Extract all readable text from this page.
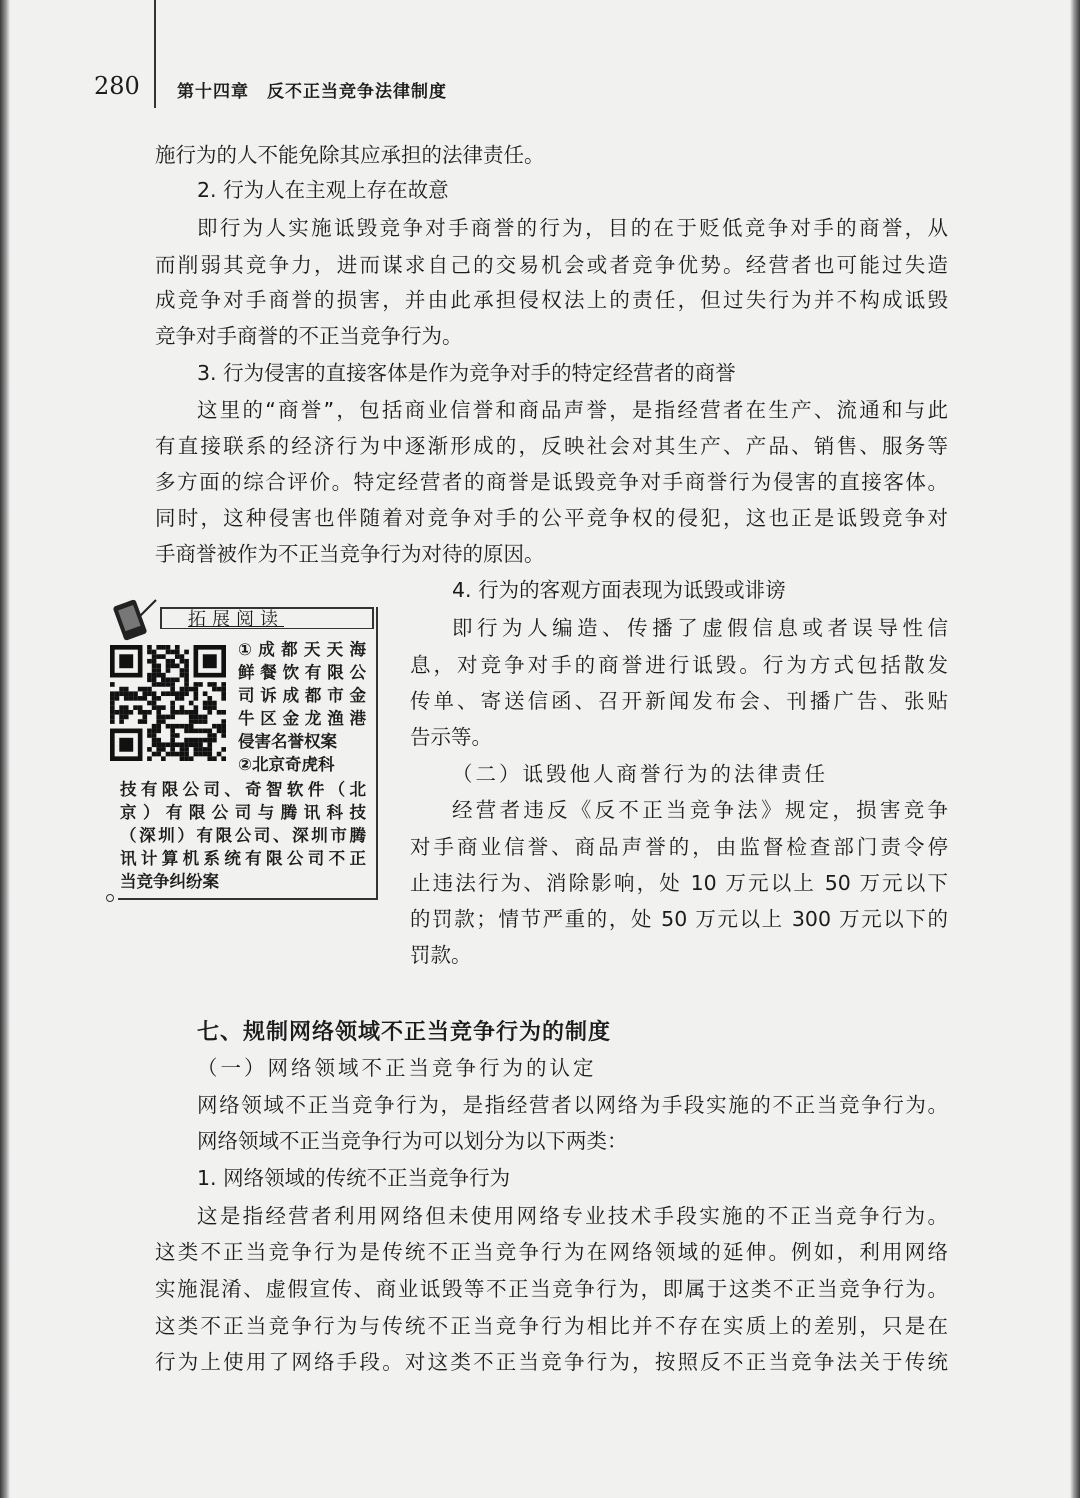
280 第十四章　反不正当竞争法律制度
施行为的人不能免除其应承担的法律责任。
2. 行为人在主观上存在故意
即行为人实施诋毁竞争对手商誉的行为，目的在于贬低竞争对手的商誉，从
而削弱其竞争力，进而谋求自己的交易机会或者竞争优势。经营者也可能过失造
成竞争对手商誉的损害，并由此承担侵权法上的责任，但过失行为并不构成诋毁
竞争对手商誉的不正当竞争行为。
3. 行为侵害的直接客体是作为竞争对手的特定经营者的商誉
这里的“商誉”，包括商业信誉和商品声誉，是指经营者在生产、流通和与此
有直接联系的经济行为中逐渐形成的，反映社会对其生产、产品、销售、服务等
多方面的综合评价。特定经营者的商誉是诋毁竞争对手商誉行为侵害的直接客体。
同时，这种侵害也伴随着对竞争对手的公平竞争权的侵犯，这也正是诋毁竞争对
手商誉被作为不正当竞争行为对待的原因。
4. 行为的客观方面表现为诋毁或诽谤
即行为人编造、传播了虚假信息或者误导性信
息，对竞争对手的商誉进行诋毁。行为方式包括散发
传单、寄送信函、召开新闻发布会、刊播广告、张贴
告示等。
（二）诋毁他人商誉行为的法律责任
经营者违反《反不正当竞争法》规定，损害竞争
对手商业信誉、商品声誉的，由监督检查部门责令停
止违法行为、消除影响，处 10 万元以上 50 万元以下
的罚款；情节严重的，处 50 万元以上 300 万元以下的
罚款。
拓展阅读
①成都天天海
鲜餐饮有限公
司诉成都市金
牛区金龙渔港
侵害名誉权案
②北京奇虎科
技有限公司、奇智软件（北
京）有限公司与腾讯科技
（深圳）有限公司、深圳市腾
讯计算机系统有限公司不正
当竞争纠纷案
七、规制网络领域不正当竞争行为的制度
（一）网络领域不正当竞争行为的认定
网络领域不正当竞争行为，是指经营者以网络为手段实施的不正当竞争行为。
网络领域不正当竞争行为可以划分为以下两类：
1. 网络领域的传统不正当竞争行为
这是指经营者利用网络但未使用网络专业技术手段实施的不正当竞争行为。
这类不正当竞争行为是传统不正当竞争行为在网络领域的延伸。例如，利用网络
实施混淆、虚假宣传、商业诋毁等不正当竞争行为，即属于这类不正当竞争行为。
这类不正当竞争行为与传统不正当竞争行为相比并不存在实质上的差别，只是在
行为上使用了网络手段。对这类不正当竞争行为，按照反不正当竞争法关于传统
